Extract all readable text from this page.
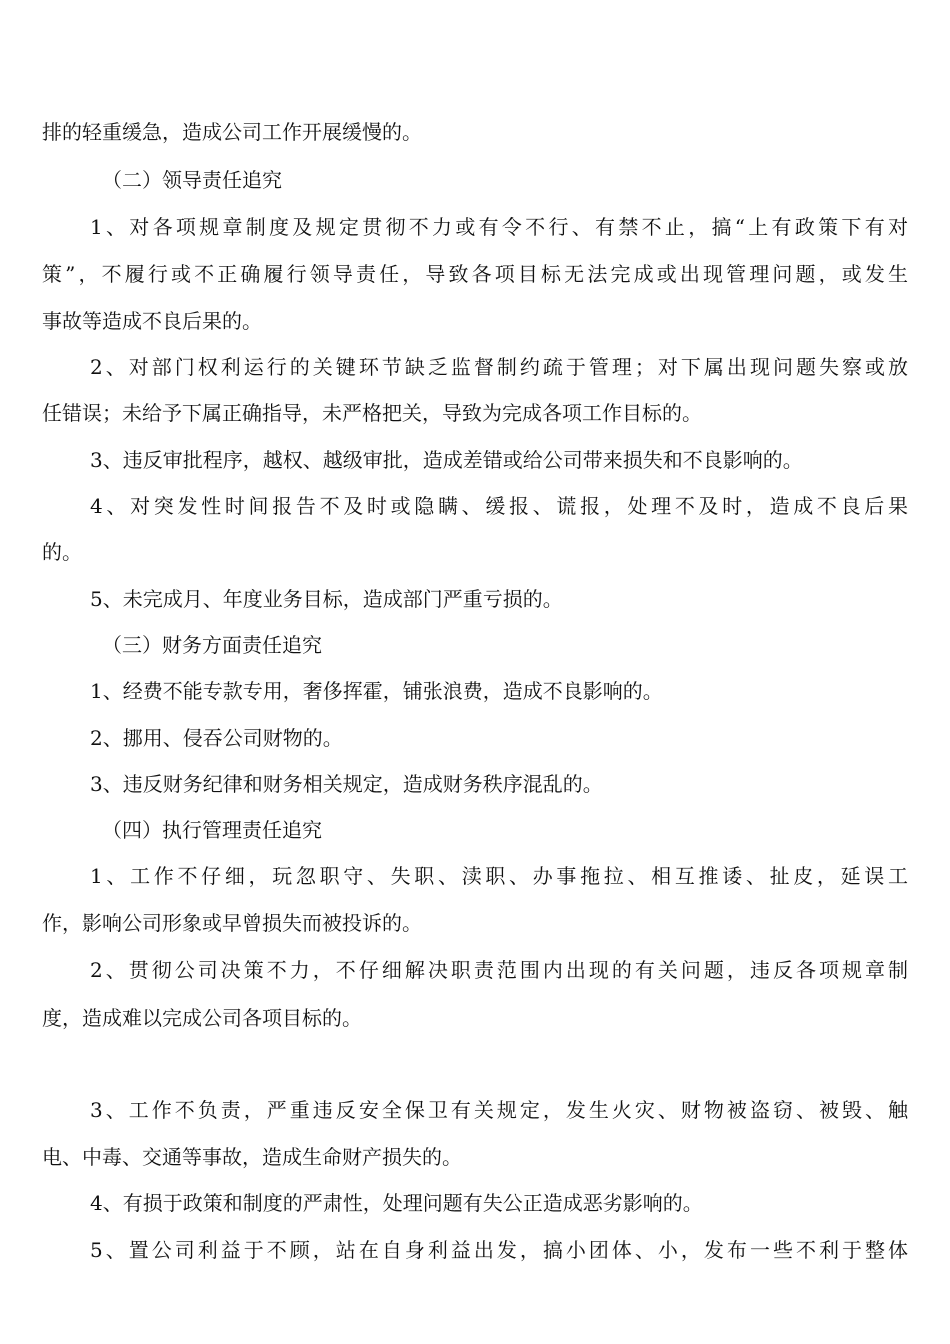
排的轻重缓急，造成公司工作开展缓慢的。
（二）领导责任追究
1、对各项规章制度及规定贯彻不力或有令不行、有禁不止，搞“上有政策下有对
策”，不履行或不正确履行领导责任，导致各项目标无法完成或出现管理问题，或发生
事故等造成不良后果的。
2、对部门权利运行的关键环节缺乏监督制约疏于管理；对下属出现问题失察或放
任错误；未给予下属正确指导，未严格把关，导致为完成各项工作目标的。
3、违反审批程序，越权、越级审批，造成差错或给公司带来损失和不良影响的。
4、对突发性时间报告不及时或隐瞒、缓报、谎报，处理不及时，造成不良后果
的。
5、未完成月、年度业务目标，造成部门严重亏损的。
（三）财务方面责任追究
1、经费不能专款专用，奢侈挥霍，铺张浪费，造成不良影响的。
2、挪用、侵吞公司财物的。
3、违反财务纪律和财务相关规定，造成财务秩序混乱的。
（四）执行管理责任追究
1、工作不仔细，玩忽职守、失职、渎职、办事拖拉、相互推诿、扯皮，延误工
作，影响公司形象或早曾损失而被投诉的。
2、贯彻公司决策不力，不仔细解决职责范围内出现的有关问题，违反各项规章制
度，造成难以完成公司各项目标的。
3、工作不负责，严重违反安全保卫有关规定，发生火灾、财物被盗窃、被毁、触
电、中毒、交通等事故，造成生命财产损失的。
4、有损于政策和制度的严肃性，处理问题有失公正造成恶劣影响的。
5、置公司利益于不顾，站在自身利益出发，搞小团体、小，发布一些不利于整体
